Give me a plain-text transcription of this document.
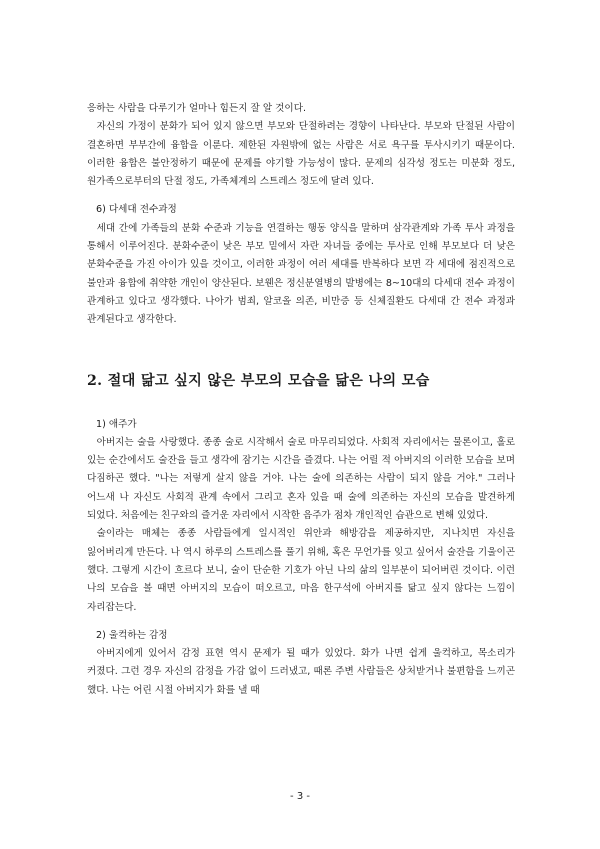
응하는 사람을 다루기가 얼마나 힘든지 잘 알 것이다.

자신의 가정이 분화가 되어 있지 않으면 부모와 단절하려는 경향이 나타난다. 부모와 단절된 사람이 결혼하면 부부간에 융합을 이룬다. 제한된 자원밖에 없는 사람은 서로 욕구를 투사시키기 때문이다. 이러한 융합은 불안정하기 때문에 문제를 야기할 가능성이 많다. 문제의 심각성 정도는 미분화 정도, 원가족으로부터의 단절 정도, 가족체계의 스트레스 정도에 달려 있다.

6) 다세대 전수과정

세대 간에 가족들의 분화 수준과 기능을 연결하는 행동 양식을 말하며 삼각관계와 가족 투사 과정을 통해서 이루어진다. 분화수준이 낮은 부모 밑에서 자란 자녀들 중에는 투사로 인해 부모보다 더 낮은 분화수준을 가진 아이가 있을 것이고, 이러한 과정이 여러 세대를 반복하다 보면 각 세대에 점진적으로 불안과 융합에 취약한 개인이 양산된다. 보웬은 정신분열병의 발병에는 8~10대의 다세대 전수 과정이 관계하고 있다고 생각했다. 나아가 범죄, 알코올 의존, 비만증 등 신체질환도 다세대 간 전수 과정과 관계된다고 생각한다.

2. 절대 닮고 싶지 않은 부모의 모습을 닮은 나의 모습

1) 애주가

아버지는 술을 사랑했다. 종종 술로 시작해서 술로 마무리되었다. 사회적 자리에서는 물론이고, 홀로 있는 순간에서도 술잔을 들고 생각에 잠기는 시간을 즐겼다. 나는 어릴 적 아버지의 이러한 모습을 보며 다짐하곤 했다. "나는 저렇게 살지 않을 거야. 나는 술에 의존하는 사람이 되지 않을 거야." 그러나 어느새 나 자신도 사회적 관계 속에서 그리고 혼자 있을 때 술에 의존하는 자신의 모습을 발견하게 되었다. 처음에는 친구와의 즐거운 자리에서 시작한 음주가 점차 개인적인 습관으로 변해 있었다.

술이라는 매체는 종종 사람들에게 일시적인 위안과 해방감을 제공하지만, 지나치면 자신을 잃어버리게 만든다. 나 역시 하루의 스트레스를 풀기 위해, 혹은 무언가를 잊고 싶어서 술잔을 기울이곤 했다. 그렇게 시간이 흐르다 보니, 술이 단순한 기호가 아닌 나의 삶의 일부분이 되어버린 것이다. 이런 나의 모습을 볼 때면 아버지의 모습이 떠오르고, 마음 한구석에 아버지를 닮고 싶지 않다는 느낌이 자리잡는다.

2) 울컥하는 감정

아버지에게 있어서 감정 표현 역시 문제가 될 때가 있었다. 화가 나면 쉽게 울컥하고, 목소리가 커졌다. 그런 경우 자신의 감정을 가감 없이 드러냈고, 때론 주변 사람들은 상처받거나 불편함을 느끼곤 했다. 나는 어린 시절 아버지가 화를 낼 때

- 3 -
